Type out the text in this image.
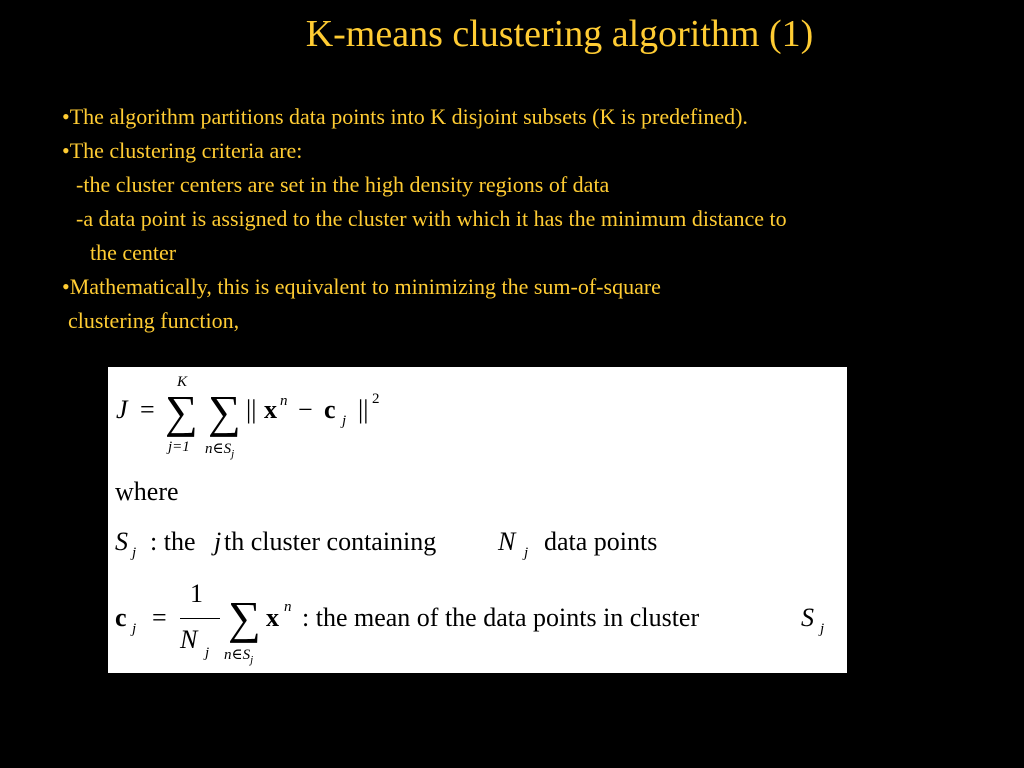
K-means clustering algorithm (1)
•The algorithm partitions data points into K disjoint subsets (K is predefined).
•The clustering criteria are:
-the cluster centers are set in the high density regions of data
-a data point is assigned to the cluster with which it has the minimum distance to
the center
•Mathematically, this is equivalent to minimizing the sum-of-square
clustering function,
J =
K
∑
j=1
∑
$n\in S_j$
|| x n − c j || 2
where
S j : the j th cluster containing N j data points
c j =
1
N j
∑
$n\in S_j$
x n : the mean of the data points in cluster	S j
